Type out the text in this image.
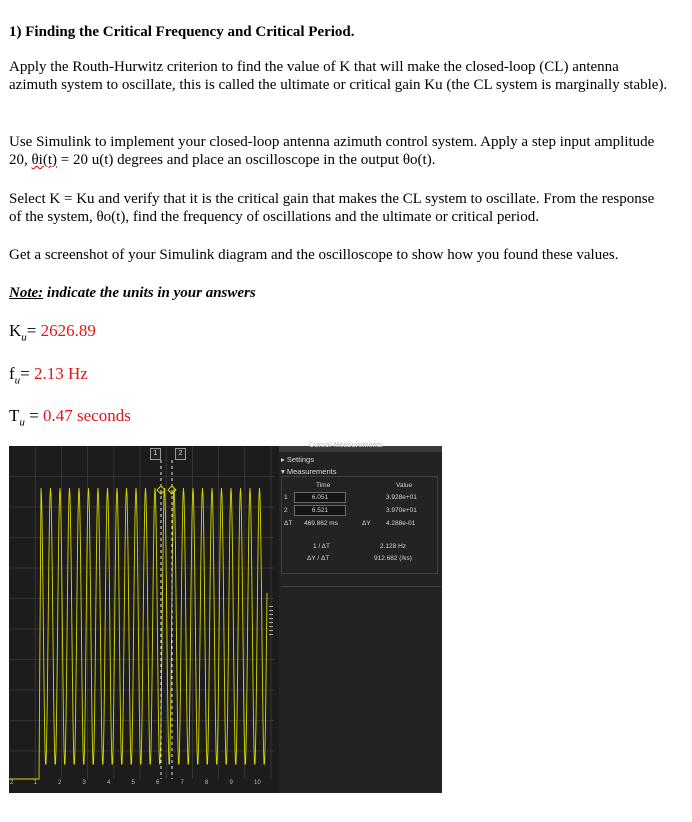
1) Finding the Critical Frequency and Critical Period.

Apply the Routh-Hurwitz criterion to find the value of K that will make the closed-loop (CL) antenna azimuth system to oscillate, this is called the ultimate or critical gain Ku (the CL system is marginally stable).

Use Simulink to implement your closed-loop antenna azimuth control system. Apply a step input amplitude 20, θi(t) = 20 u(t) degrees and place an oscilloscope in the output θo(t).

Select K = Ku and verify that it is the critical gain that makes the CL system to oscillate. From the response of the system, θo(t), find the frequency of oscillations and the ultimate or critical period.

Get a screenshot of your Simulink diagram and the oscilloscope to show how you found these values.

Note: indicate the units in your answers

$K_u= 2626.89$
$f_u= 2.13$ Hz
$T_u = 0.47$ seconds
1	2
2	1	2	3	4	5	6	7	8	9	10
Cursor Measurements
▸ Settings
▾ Measurements
Time	Value
1	6.051	3.928e+01
2	6.521	3.970e+01
ΔT 469.862 ms	ΔY 4.288e-01
1 / ΔT	2.128 Hz
ΔY / ΔT	912.682 (/ks)
